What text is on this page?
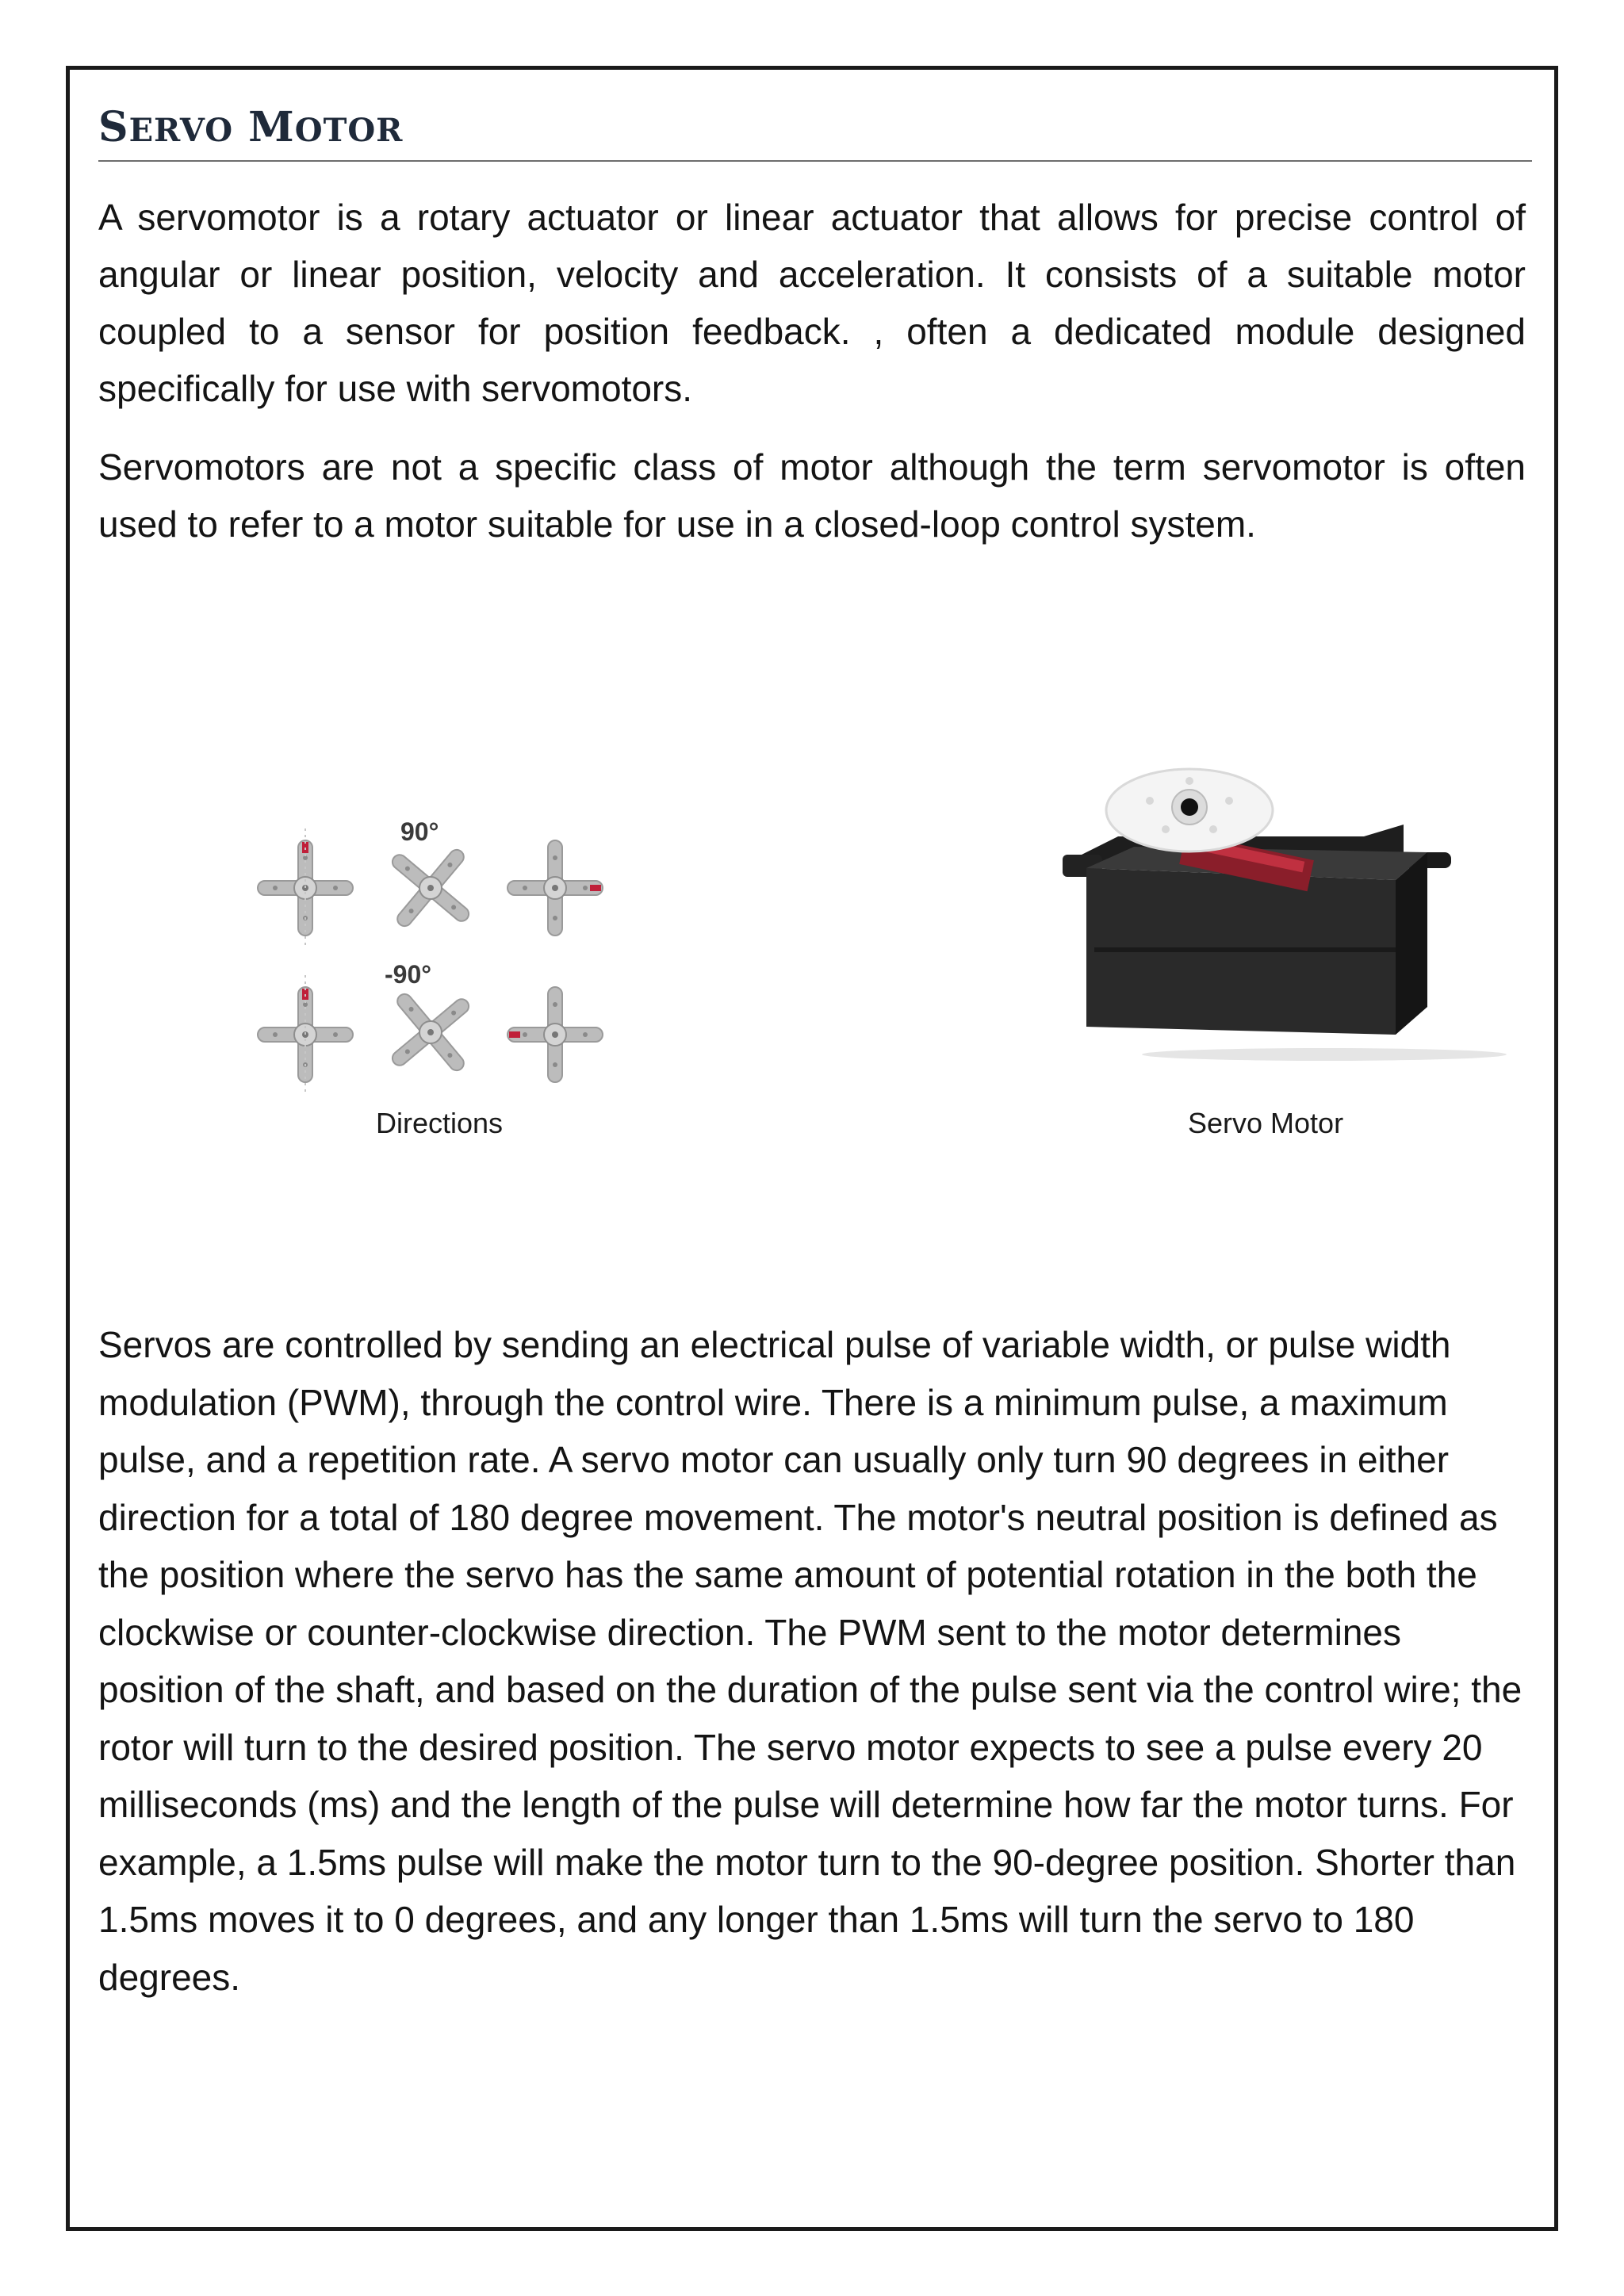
SERVO MOTOR

A servomotor is a rotary actuator or linear actuator that allows for precise control of angular or linear position, velocity and acceleration. It consists of a suitable motor coupled to a sensor for position feedback. , often a dedicated module designed specifically for use with servomotors.

Servomotors are not a specific class of motor although the term servomotor is often used to refer to a motor suitable for use in a closed-loop control system.

90°
-90°
Directions	Servo Motor

Servos are controlled by sending an electrical pulse of variable width, or pulse width modulation (PWM), through the control wire. There is a minimum pulse, a maximum pulse, and a repetition rate. A servo motor can usually only turn 90 degrees in either direction for a total of 180 degree movement. The motor's neutral position is defined as the position where the servo has the same amount of potential rotation in the both the clockwise or counter-clockwise direction. The PWM sent to the motor determines position of the shaft, and based on the duration of the pulse sent via the control wire; the rotor will turn to the desired position. The servo motor expects to see a pulse every 20 milliseconds (ms) and the length of the pulse will determine how far the motor turns. For example, a 1.5ms pulse will make the motor turn to the 90-degree position. Shorter than 1.5ms moves it to 0 degrees, and any longer than 1.5ms will turn the servo to 180 degrees.
